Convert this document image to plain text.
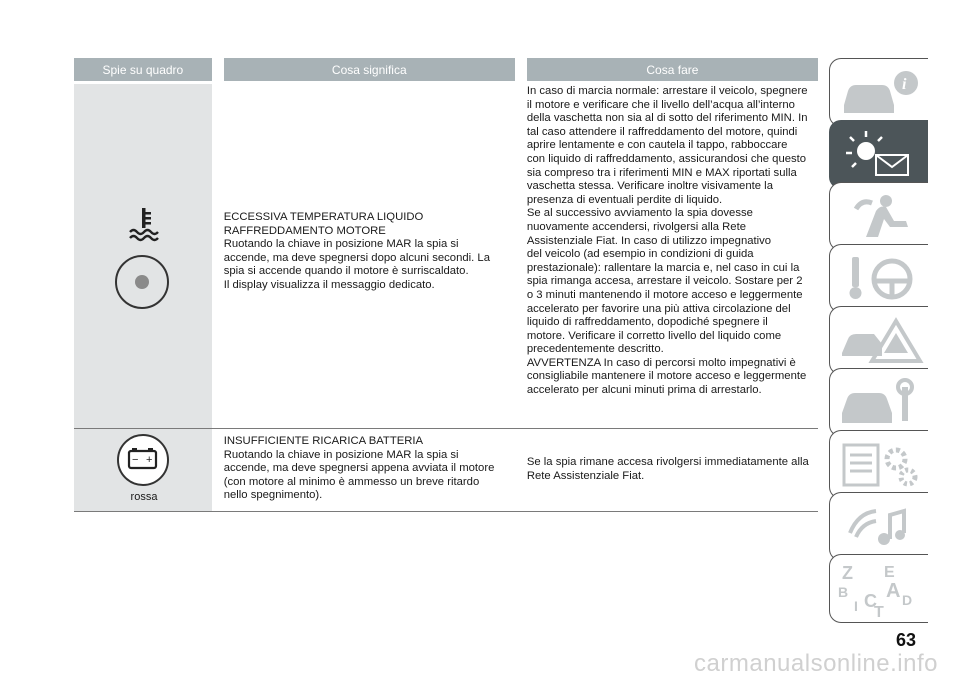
Spie su quadro	Cosa significa	Cosa fare
ECCESSIVA TEMPERATURA LIQUIDO
RAFFREDDAMENTO MOTORE
Ruotando la chiave in posizione MAR la spia si
accende, ma deve spegnersi dopo alcuni secondi. La
spia si accende quando il motore è surriscaldato.
Il display visualizza il messaggio dedicato.
In caso di marcia normale: arrestare il veicolo, spegnere
il motore e verificare che il livello dell’acqua all’interno
della vaschetta non sia al di sotto del riferimento MIN. In
tal caso attendere il raffreddamento del motore, quindi
aprire lentamente e con cautela il tappo, rabboccare
con liquido di raffreddamento, assicurandosi che questo
sia compreso tra i riferimenti MIN e MAX riportati sulla
vaschetta stessa. Verificare inoltre visivamente la
presenza di eventuali perdite di liquido.
Se al successivo avviamento la spia dovesse
nuovamente accendersi, rivolgersi alla Rete
Assistenziale Fiat. In caso di utilizzo impegnativo
del veicolo (ad esempio in condizioni di guida
prestazionale): rallentare la marcia e, nel caso in cui la
spia rimanga accesa, arrestare il veicolo. Sostare per 2
o 3 minuti mantenendo il motore acceso e leggermente
accelerato per favorire una più attiva circolazione del
liquido di raffreddamento, dopodiché spegnere il
motore. Verificare il corretto livello del liquido come
precedentemente descritto.
AVVERTENZA In caso di percorsi molto impegnativi è
consigliabile mantenere il motore acceso e leggermente
accelerato per alcuni minuti prima di arrestarlo.
− +
rossa
INSUFFICIENTE RICARICA BATTERIA
Ruotando la chiave in posizione MAR la spia si
accende, ma deve spegnersi appena avviata il motore
(con motore al minimo è ammesso un breve ritardo
nello spegnimento).
Se la spia rimane accesa rivolgersi immediatamente alla
Rete Assistenziale Fiat.
i
Z E
B A D
I C
T
63
carmanualsonline.info
